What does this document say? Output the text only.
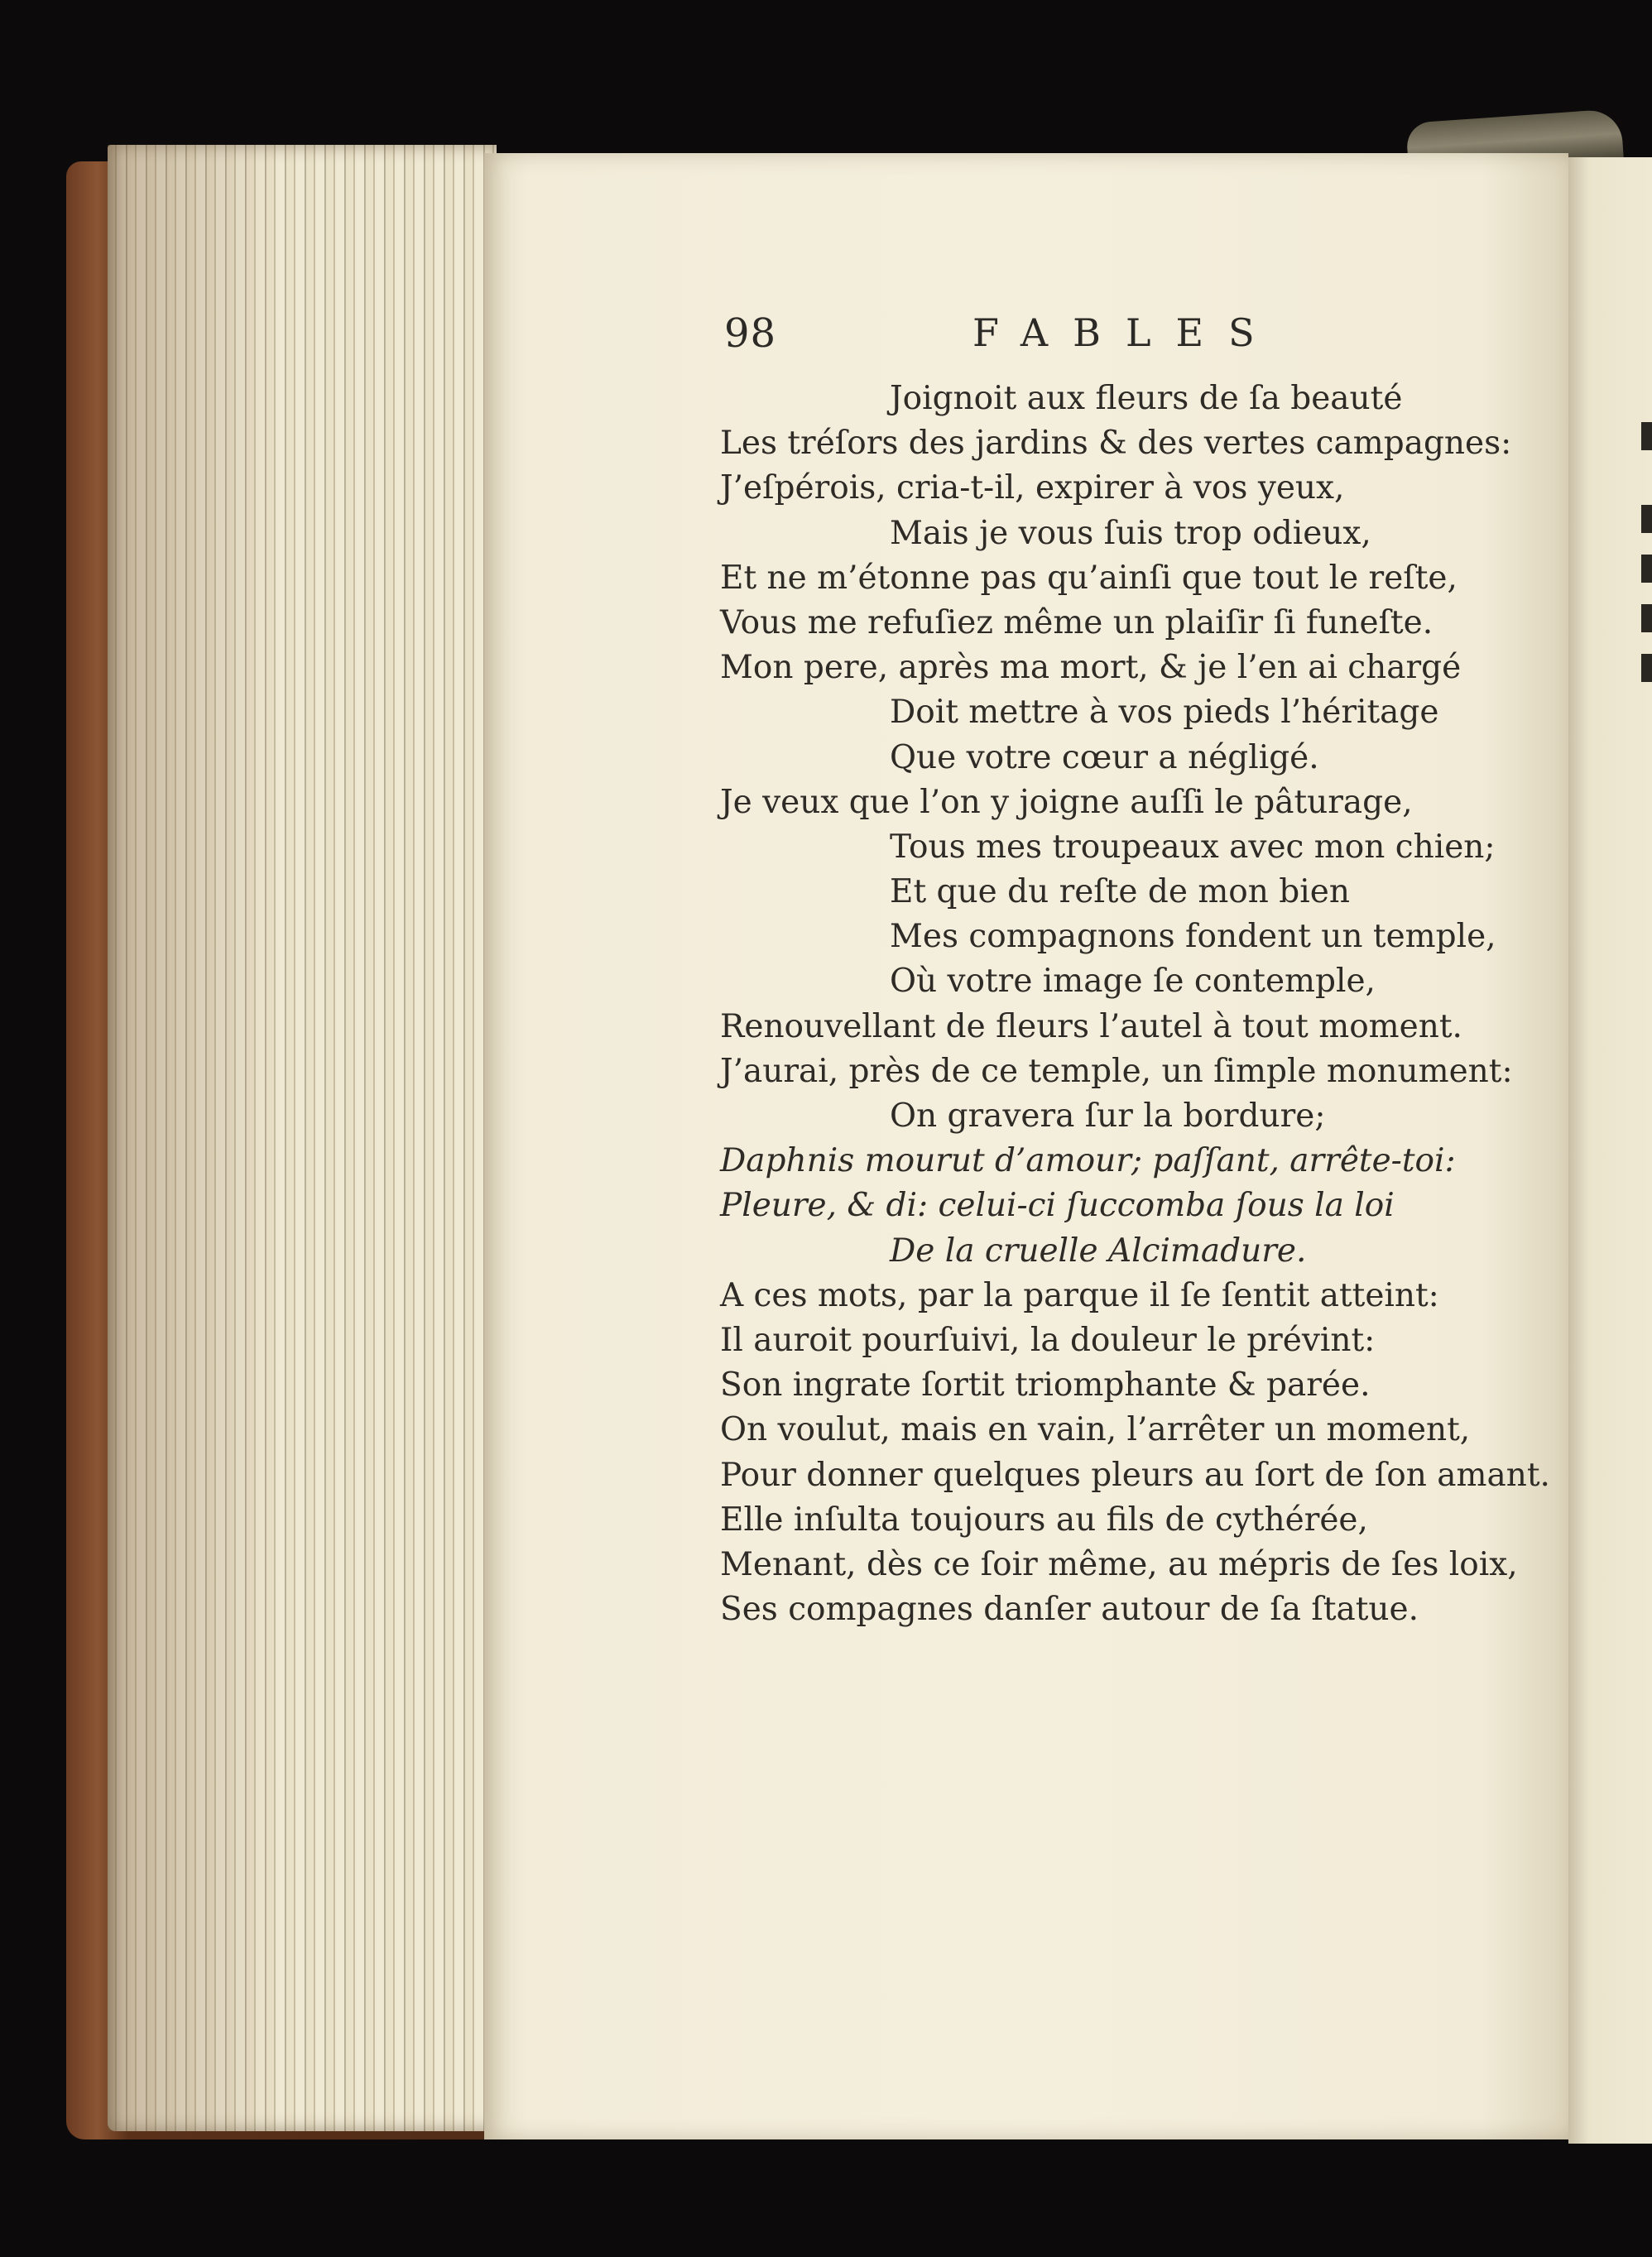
98	FABLES
Joignoit aux fleurs de ſa beauté
Les tréſors des jardins & des vertes campagnes:
J’eſpérois, cria-t-il, expirer à vos yeux,
Mais je vous ſuis trop odieux,
Et ne m’étonne pas qu’ainſi que tout le reſte,
Vous me refuſiez même un plaiſir ſi funeſte.
Mon pere, après ma mort, & je l’en ai chargé
Doit mettre à vos pieds l’héritage
Que votre cœur a négligé.
Je veux que l’on y joigne auſſi le pâturage,
Tous mes troupeaux avec mon chien;
Et que du reſte de mon bien
Mes compagnons fondent un temple,
Où votre image ſe contemple,
Renouvellant de fleurs l’autel à tout moment.
J’aurai, près de ce temple, un ſimple monument:
On gravera ſur la bordure;
Daphnis mourut d’amour; paſſant, arrête-toi:
Pleure, & di: celui-ci ſuccomba ſous la loi
De la cruelle Alcimadure.
A ces mots, par la parque il ſe ſentit atteint:
Il auroit pourſuivi, la douleur le prévint:
Son ingrate ſortit triomphante & parée.
On voulut, mais en vain, l’arrêter un moment,
Pour donner quelques pleurs au ſort de ſon amant.
Elle inſulta toujours au fils de cythérée,
Menant, dès ce ſoir même, au mépris de ſes loix,
Ses compagnes danſer autour de ſa ſtatue.
